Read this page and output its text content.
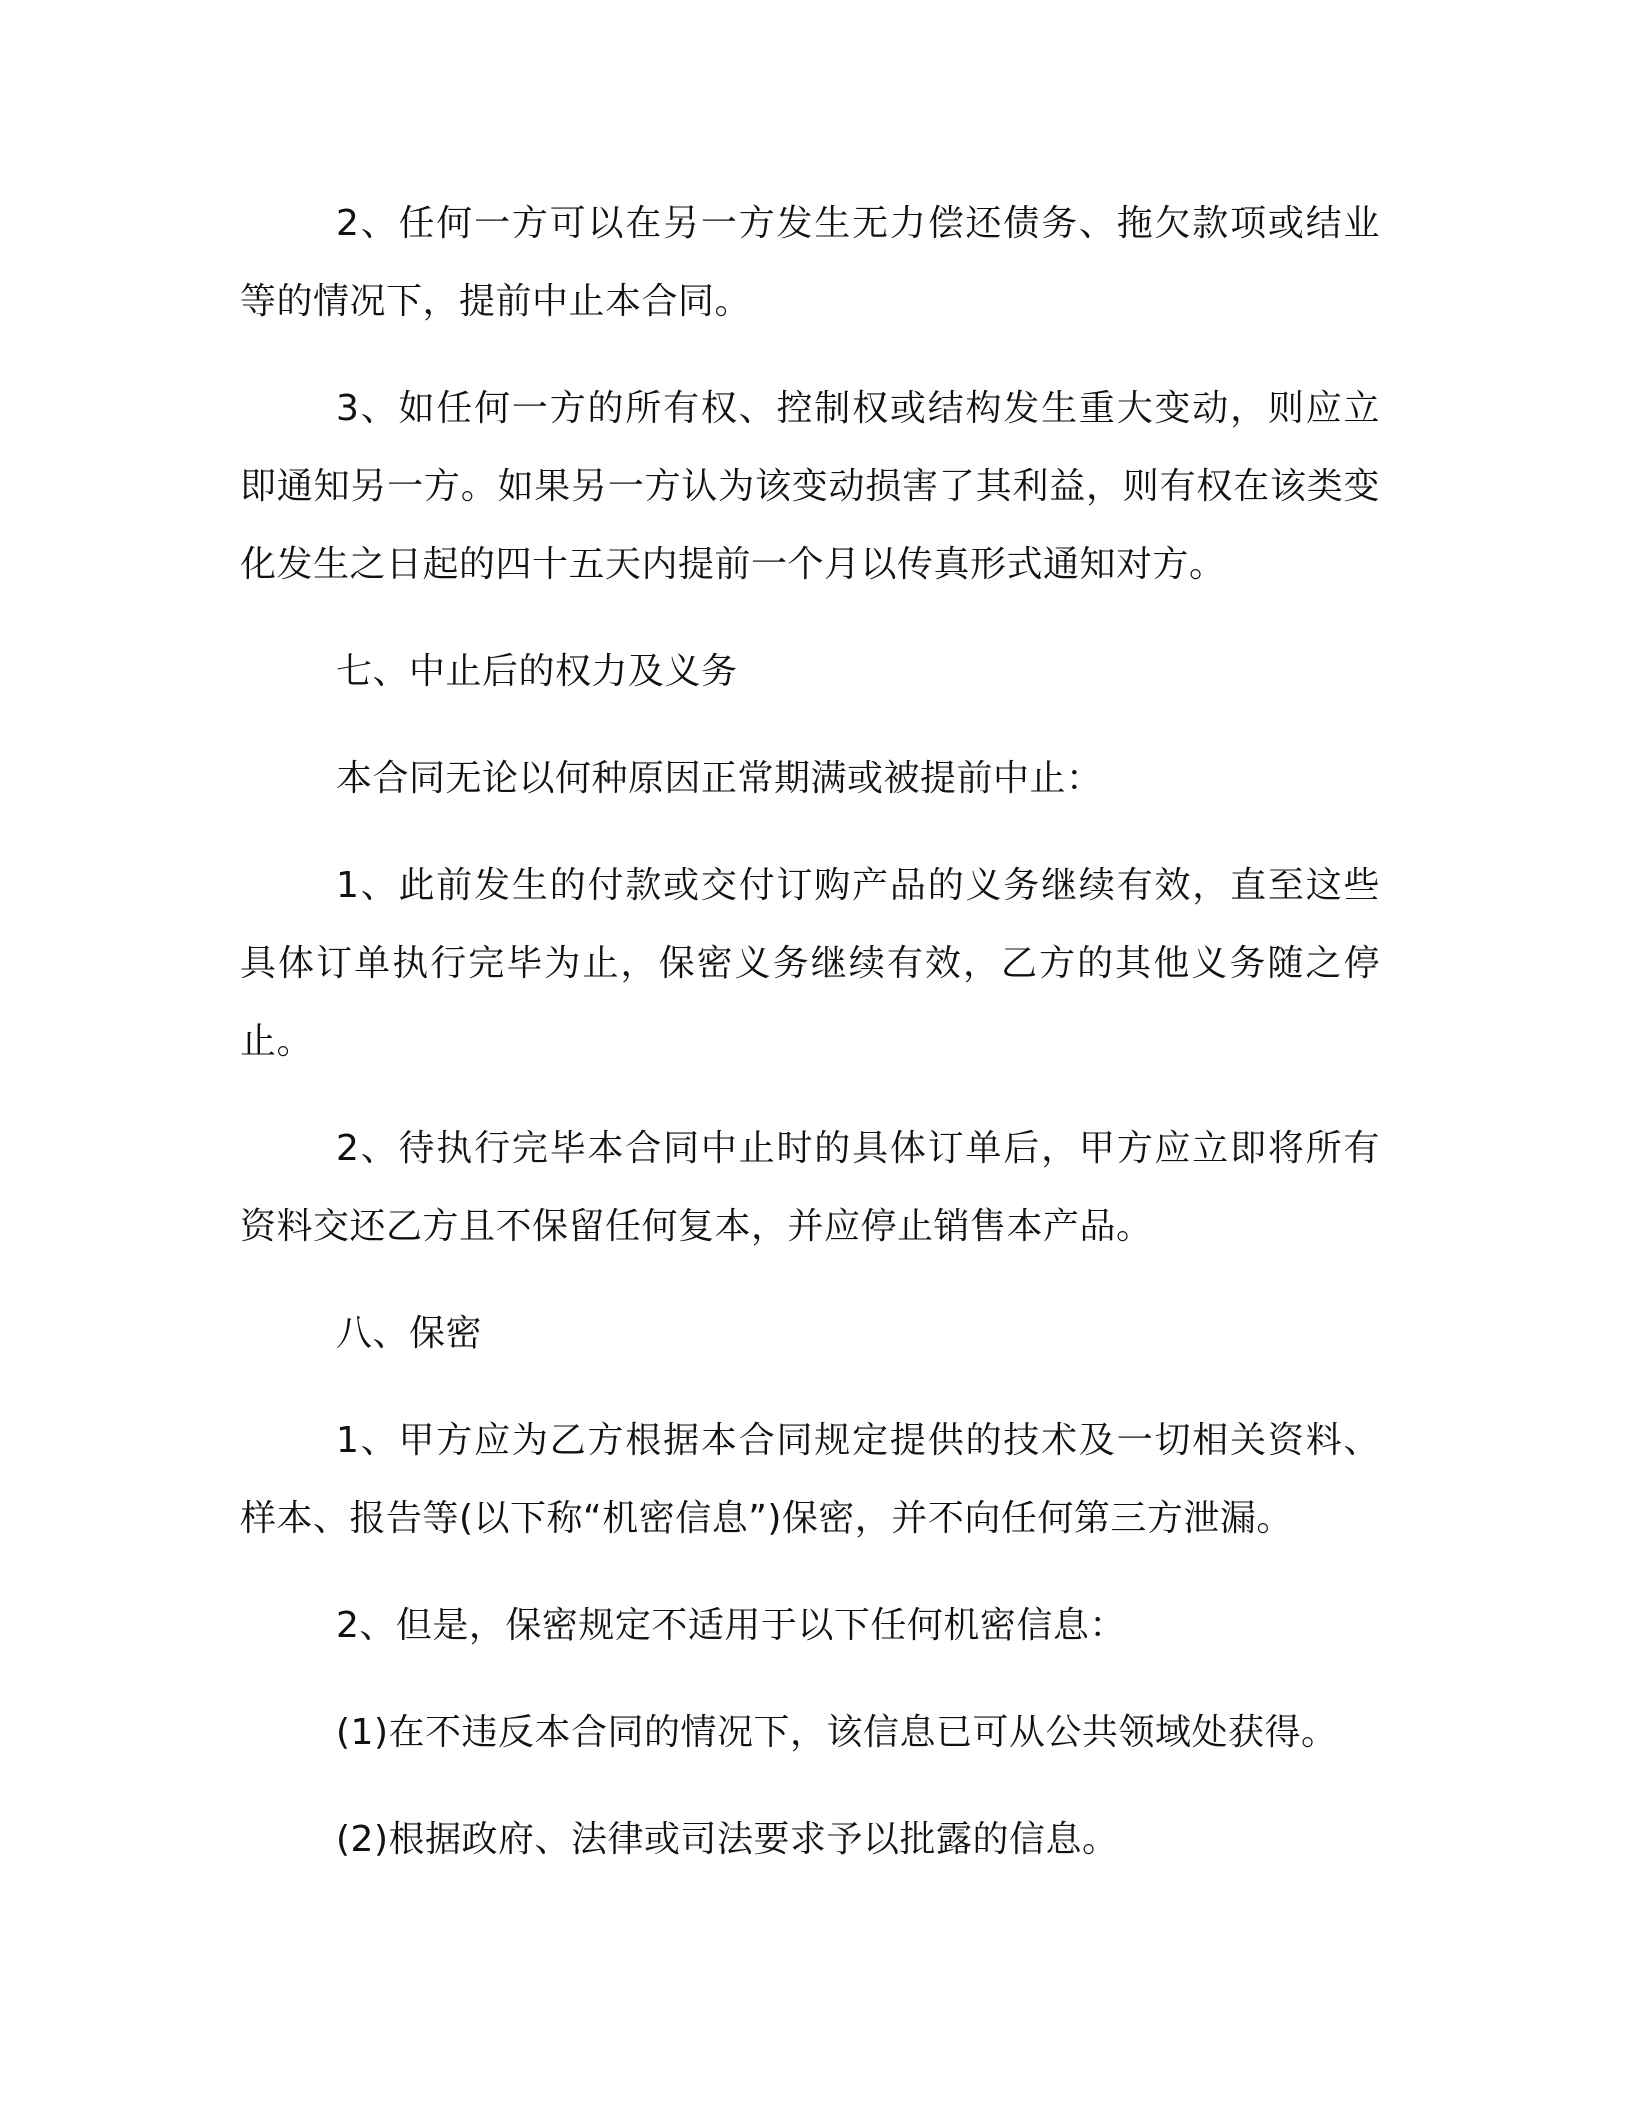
2、任何一方可以在另一方发生无力偿还债务、拖欠款项或结业等的情况下，提前中止本合同。

3、如任何一方的所有权、控制权或结构发生重大变动，则应立即通知另一方。如果另一方认为该变动损害了其利益，则有权在该类变化发生之日起的四十五天内提前一个月以传真形式通知对方。

七、中止后的权力及义务

本合同无论以何种原因正常期满或被提前中止：

1、此前发生的付款或交付订购产品的义务继续有效，直至这些具体订单执行完毕为止，保密义务继续有效，乙方的其他义务随之停止。

2、待执行完毕本合同中止时的具体订单后，甲方应立即将所有资料交还乙方且不保留任何复本，并应停止销售本产品。

八、保密

1、甲方应为乙方根据本合同规定提供的技术及一切相关资料、样本、报告等(以下称“机密信息”)保密，并不向任何第三方泄漏。

2、但是，保密规定不适用于以下任何机密信息：

(1)在不违反本合同的情况下，该信息已可从公共领域处获得。

(2)根据政府、法律或司法要求予以批露的信息。
